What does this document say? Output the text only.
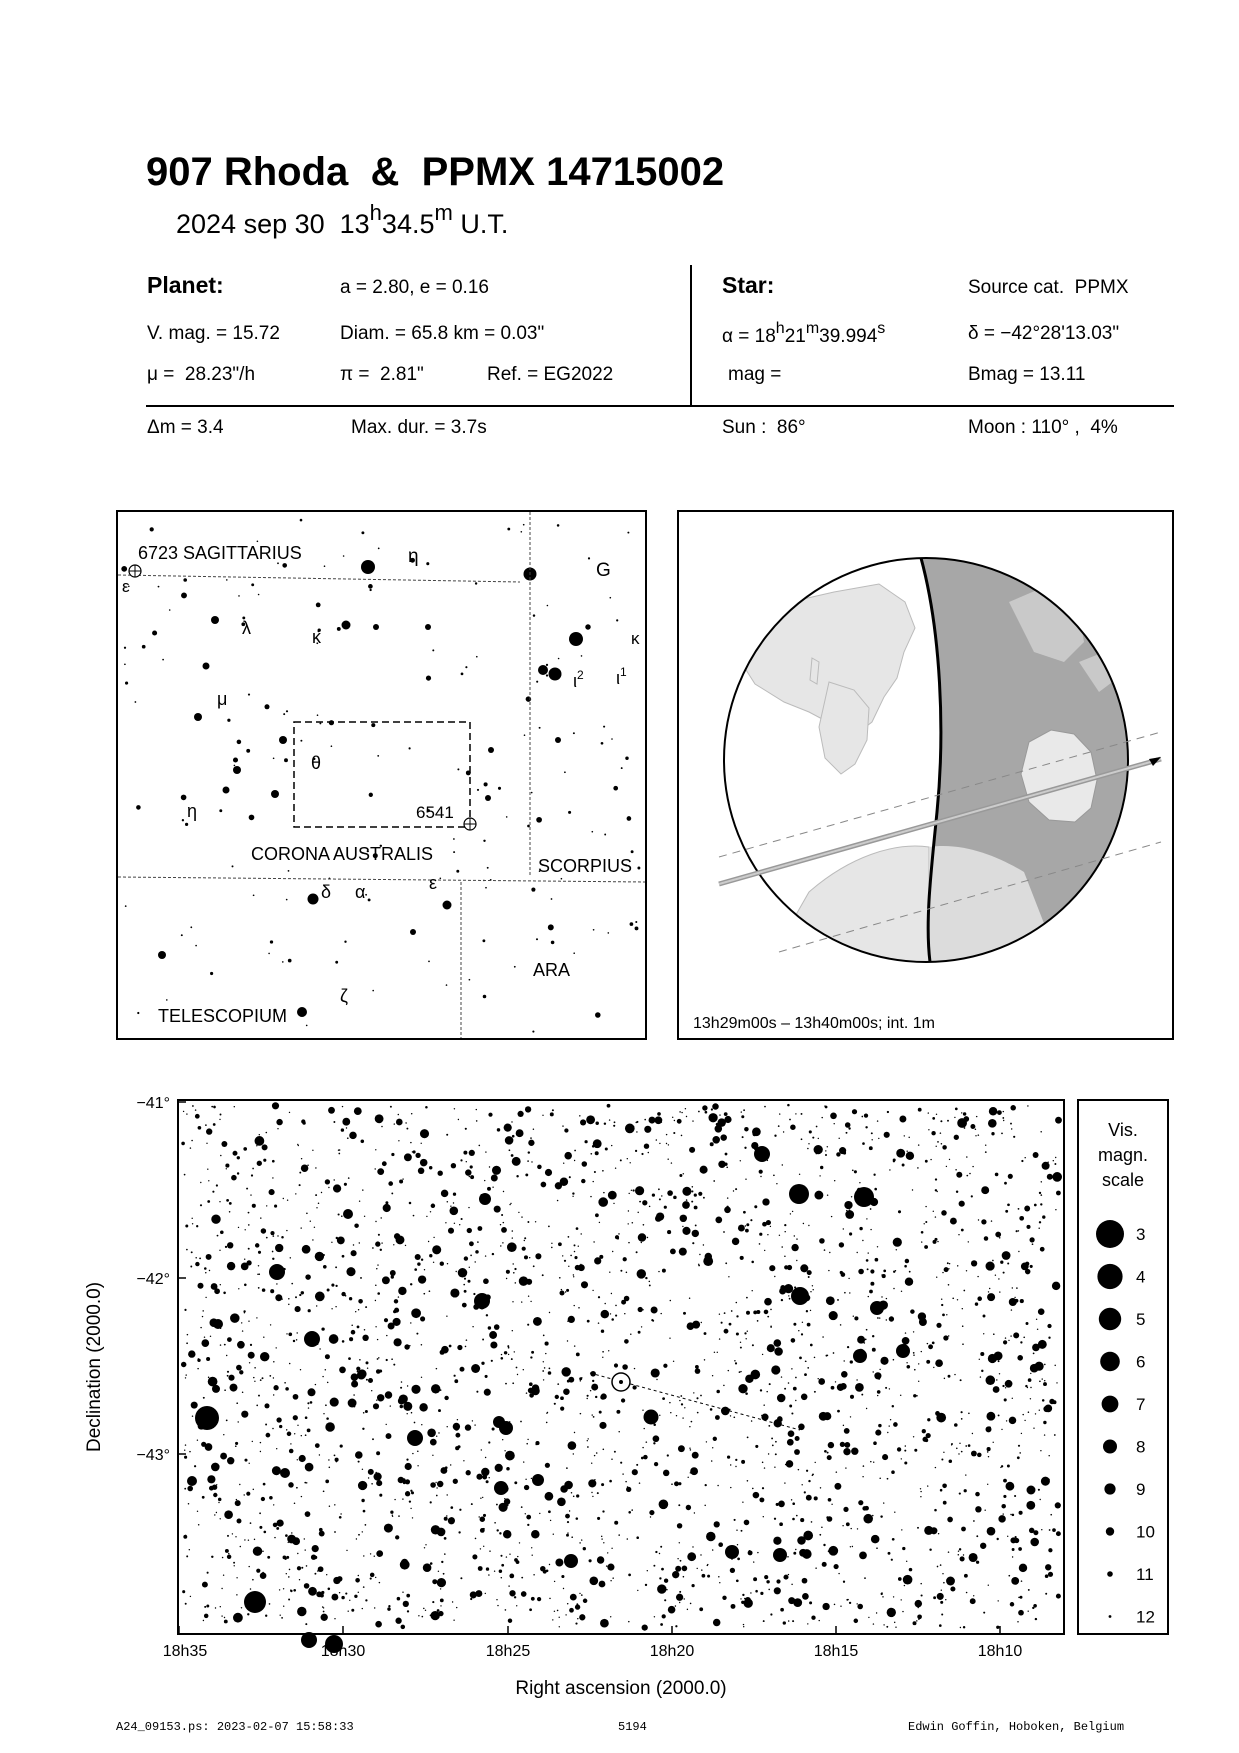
907 Rhoda  &  PPMX 14715002
2024 sep 30  13$^h$34.5$^m$ U.T.
Planet:	a = 2.80, e = 0.16
V. mag. = 15.72	Diam. = 65.8 km = 0.03"
μ =  28.23"/h	π =  2.81"	Ref. = EG2022
Star:	Source cat.  PPMX
$\alpha = 18^h21^m39.994^s$	δ = −42°28'13.03"
mag =	Bmag = 13.11
Δm = 3.4	Max. dur. = 3.7s	Sun :  86°	Moon : 110° ,  4%
6723 SAGITTARIUS
CORONA AUSTRALIS
SCORPIUS
ARA
TELESCOPIUM
6541
η
G
κ
ε
λ	κ
$\iota^2$ $\iota^1$
μ
θ
η
ε
δ α
ζ
13h29m00s – 13h40m00s; int. 1m
−41°
−42°
−43°
18h35	18h30	18h25	18h20	18h15	18h10
Right ascension (2000.0)
Declination (2000.0)
Vis.
magn.
scale
3
4
5
6
7
8
9
10
11
12
A24_09153.ps: 2023-02-07 15:58:33	5194	Edwin Goffin, Hoboken, Belgium
